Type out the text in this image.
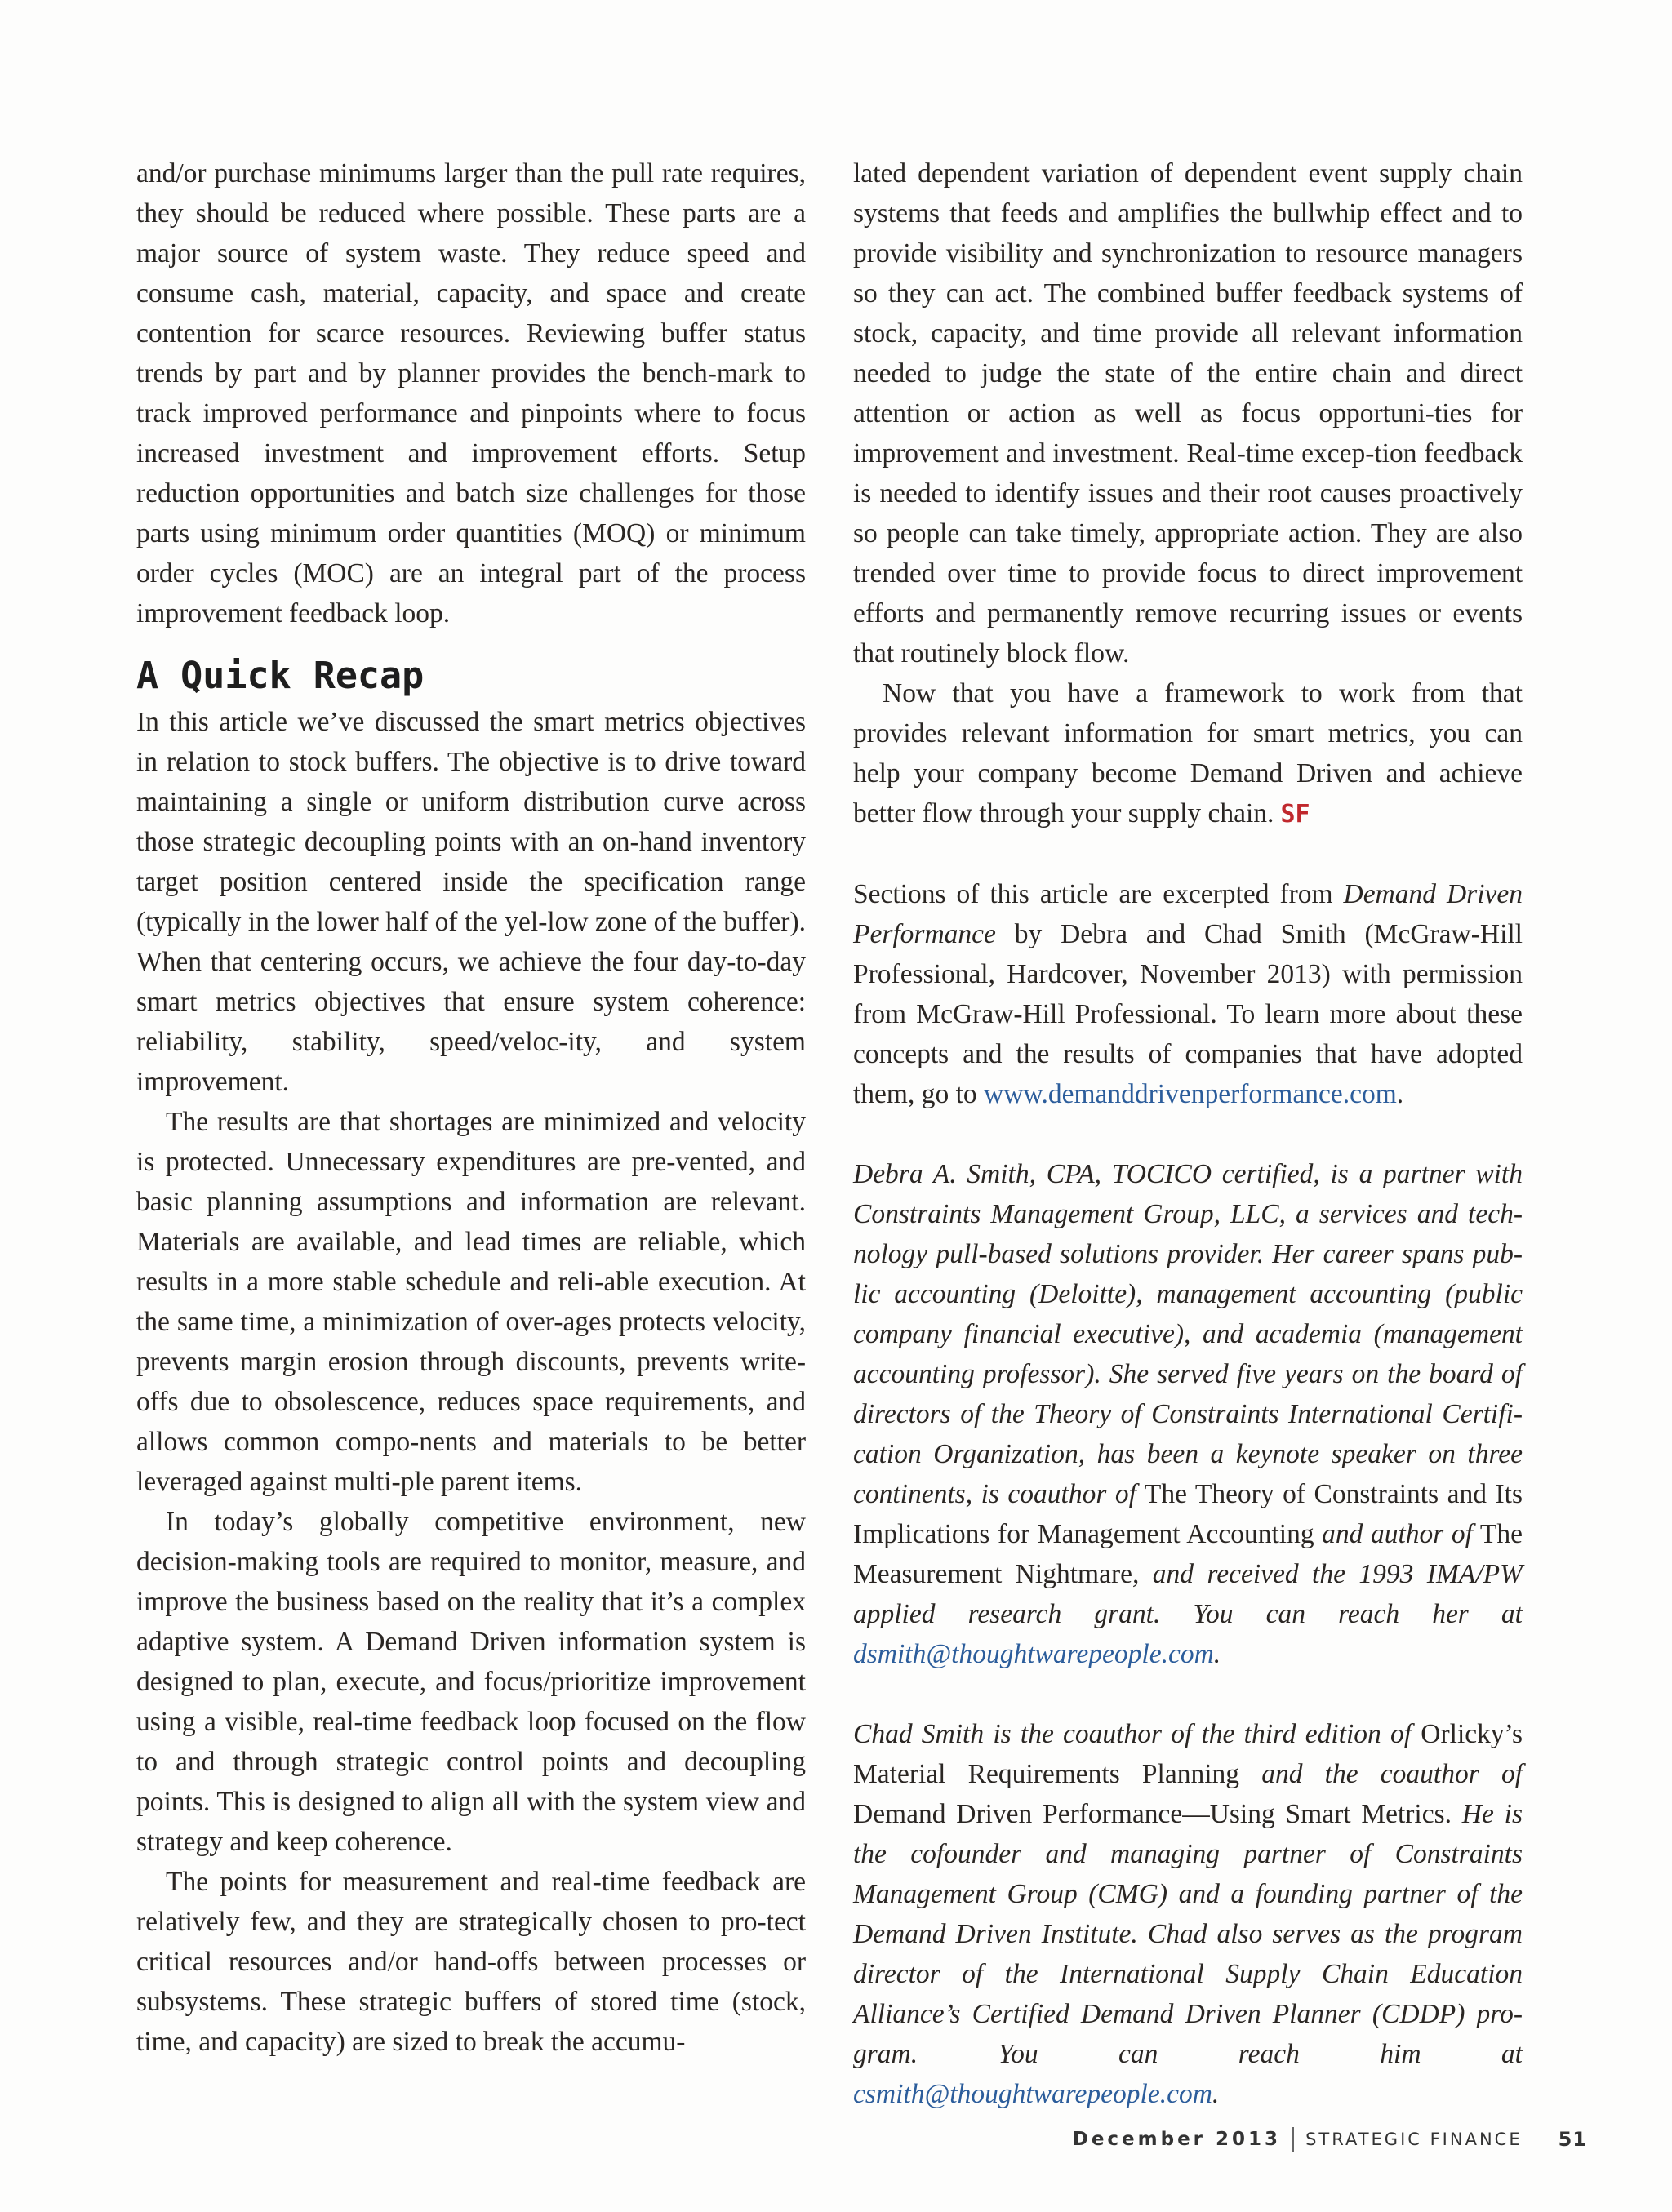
and/or purchase minimums larger than the pull rate requires, they should be reduced where possible. These parts are a major source of system waste. They reduce speed and consume cash, material, capacity, and space and create contention for scarce resources. Reviewing buffer status trends by part and by planner provides the bench-mark to track improved performance and pinpoints where to focus increased investment and improvement efforts. Setup reduction opportunities and batch size challenges for those parts using minimum order quantities (MOQ) or minimum order cycles (MOC) are an integral part of the process improvement feedback loop.

A Quick Recap

In this article we’ve discussed the smart metrics objectives in relation to stock buffers. The objective is to drive toward maintaining a single or uniform distribution curve across those strategic decoupling points with an on-hand inventory target position centered inside the specification range (typically in the lower half of the yel-low zone of the buffer). When that centering occurs, we achieve the four day-to-day smart metrics objectives that ensure system coherence: reliability, stability, speed/veloc-ity, and system improvement.

The results are that shortages are minimized and velocity is protected. Unnecessary expenditures are pre-vented, and basic planning assumptions and information are relevant. Materials are available, and lead times are reliable, which results in a more stable schedule and reli-able execution. At the same time, a minimization of over-ages protects velocity, prevents margin erosion through discounts, prevents write-offs due to obsolescence, reduces space requirements, and allows common compo-nents and materials to be better leveraged against multi-ple parent items.

In today’s globally competitive environment, new decision-making tools are required to monitor, measure, and improve the business based on the reality that it’s a complex adaptive system. A Demand Driven information system is designed to plan, execute, and focus/prioritize improvement using a visible, real-time feedback loop focused on the flow to and through strategic control points and decoupling points. This is designed to align all with the system view and strategy and keep coherence.

The points for measurement and real-time feedback are relatively few, and they are strategically chosen to pro-tect critical resources and/or hand-offs between processes or subsystems. These strategic buffers of stored time (stock, time, and capacity) are sized to break the accumu-

lated dependent variation of dependent event supply chain systems that feeds and amplifies the bullwhip effect and to provide visibility and synchronization to resource managers so they can act. The combined buffer feedback systems of stock, capacity, and time provide all relevant information needed to judge the state of the entire chain and direct attention or action as well as focus opportuni-ties for improvement and investment. Real-time excep-tion feedback is needed to identify issues and their root causes proactively so people can take timely, appropriate action. They are also trended over time to provide focus to direct improvement efforts and permanently remove recurring issues or events that routinely block flow.

Now that you have a framework to work from that provides relevant information for smart metrics, you can help your company become Demand Driven and achieve better flow through your supply chain. SF

Sections of this article are excerpted from Demand Driven Performance by Debra and Chad Smith (McGraw-Hill Professional, Hardcover, November 2013) with permission from McGraw-Hill Professional. To learn more about these concepts and the results of companies that have adopted them, go to www.demanddrivenperformance.com.

Debra A. Smith, CPA, TOCICO certified, is a partner with Constraints Management Group, LLC, a services and tech-nology pull-based solutions provider. Her career spans pub-lic accounting (Deloitte), management accounting (public company financial executive), and academia (management accounting professor). She served five years on the board of directors of the Theory of Constraints International Certifi-cation Organization, has been a keynote speaker on three continents, is coauthor of The Theory of Constraints and Its Implications for Management Accounting and author of The Measurement Nightmare, and received the 1993 IMA/PW applied research grant. You can reach her at dsmith@thoughtwarepeople.com.

Chad Smith is the coauthor of the third edition of Orlicky’s Material Requirements Planning and the coauthor of Demand Driven Performance—Using Smart Metrics. He is the cofounder and managing partner of Constraints Management Group (CMG) and a founding partner of the Demand Driven Institute. Chad also serves as the program director of the International Supply Chain Education Alliance’s Certified Demand Driven Planner (CDDP) pro-gram. You can reach him at csmith@thoughtwarepeople.com.

December 2013 STRATEGIC FINANCE 51
